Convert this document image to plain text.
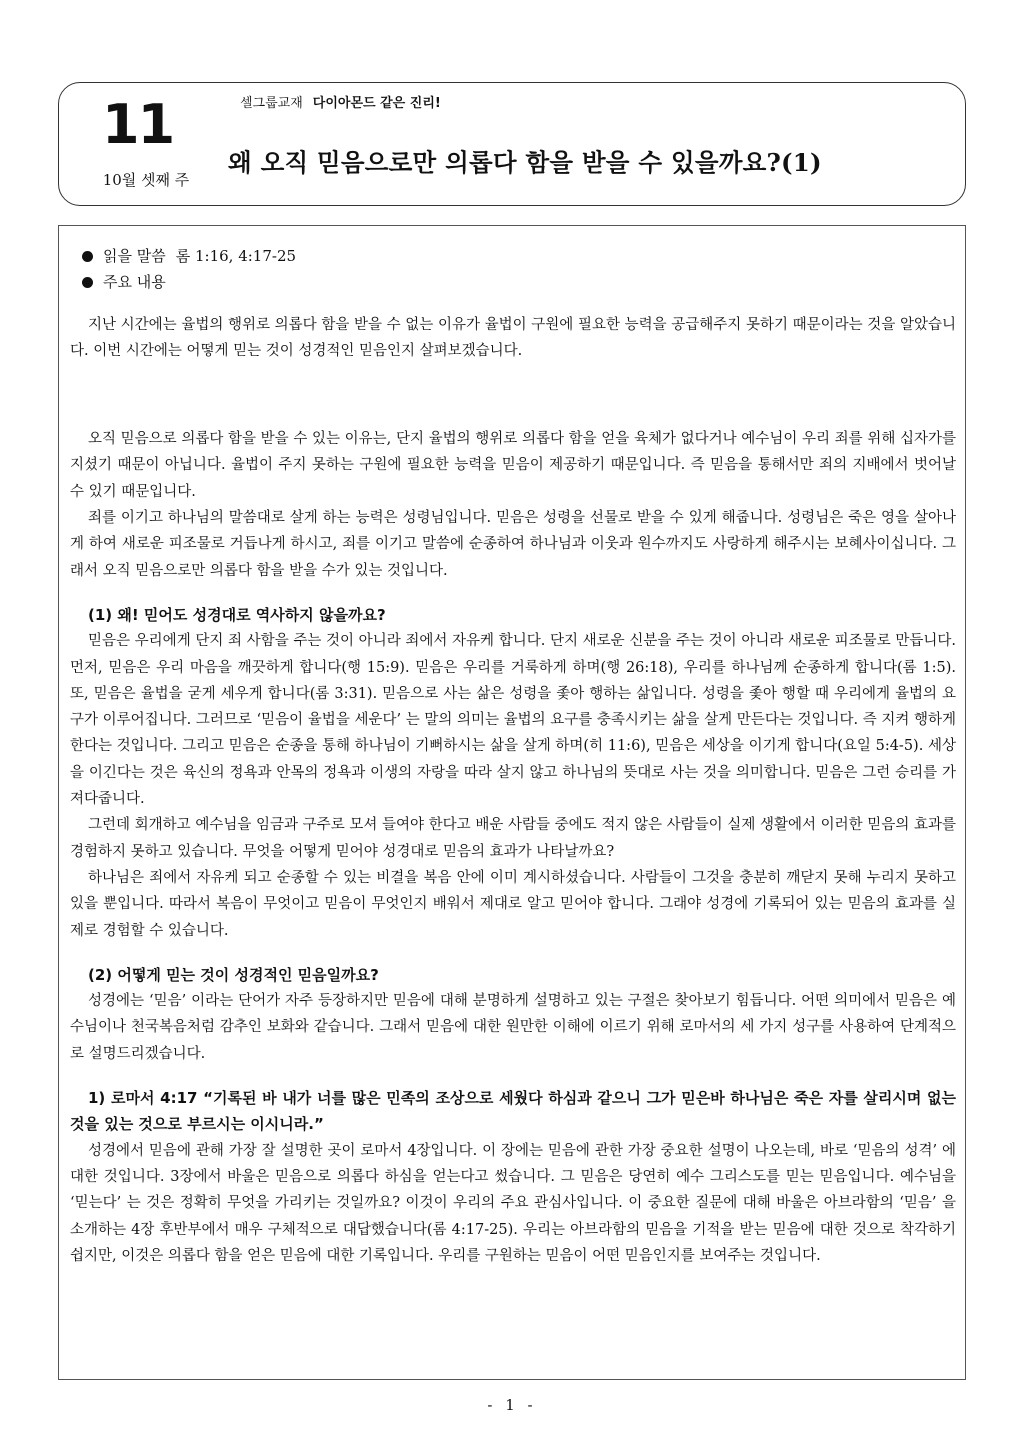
11
10월 셋째 주
셀그룹교재 다이아몬드 같은 진리!
왜 오직 믿음으로만 의롭다 함을 받을 수 있을까요?(1)
읽을 말씀 롬 1:16, 4:17-25
주요 내용

지난 시간에는 율법의 행위로 의롭다 함을 받을 수 없는 이유가 율법이 구원에 필요한 능력을 공급해주지 못하기 때문이라는 것을 알았습니다. 이번 시간에는 어떻게 믿는 것이 성경적인 믿음인지 살펴보겠습니다.

오직 믿음으로 의롭다 함을 받을 수 있는 이유는, 단지 율법의 행위로 의롭다 함을 얻을 육체가 없다거나 예수님이 우리 죄를 위해 십자가를 지셨기 때문이 아닙니다. 율법이 주지 못하는 구원에 필요한 능력을 믿음이 제공하기 때문입니다. 즉 믿음을 통해서만 죄의 지배에서 벗어날 수 있기 때문입니다.

죄를 이기고 하나님의 말씀대로 살게 하는 능력은 성령님입니다. 믿음은 성령을 선물로 받을 수 있게 해줍니다. 성령님은 죽은 영을 살아나게 하여 새로운 피조물로 거듭나게 하시고, 죄를 이기고 말씀에 순종하여 하나님과 이웃과 원수까지도 사랑하게 해주시는 보혜사이십니다. 그래서 오직 믿음으로만 의롭다 함을 받을 수가 있는 것입니다.

(1) 왜! 믿어도 성경대로 역사하지 않을까요?

믿음은 우리에게 단지 죄 사함을 주는 것이 아니라 죄에서 자유케 합니다. 단지 새로운 신분을 주는 것이 아니라 새로운 피조물로 만듭니다. 먼저, 믿음은 우리 마음을 깨끗하게 합니다(행 15:9). 믿음은 우리를 거룩하게 하며(행 26:18), 우리를 하나님께 순종하게 합니다(롬 1:5). 또, 믿음은 율법을 굳게 세우게 합니다(롬 3:31). 믿음으로 사는 삶은 성령을 좇아 행하는 삶입니다. 성령을 좇아 행할 때 우리에게 율법의 요구가 이루어집니다. 그러므로 ‘믿음이 율법을 세운다’ 는 말의 의미는 율법의 요구를 충족시키는 삶을 살게 만든다는 것입니다. 즉 지켜 행하게 한다는 것입니다. 그리고 믿음은 순종을 통해 하나님이 기뻐하시는 삶을 살게 하며(히 11:6), 믿음은 세상을 이기게 합니다(요일 5:4-5). 세상을 이긴다는 것은 육신의 정욕과 안목의 정욕과 이생의 자랑을 따라 살지 않고 하나님의 뜻대로 사는 것을 의미합니다. 믿음은 그런 승리를 가져다줍니다.

그런데 회개하고 예수님을 임금과 구주로 모셔 들여야 한다고 배운 사람들 중에도 적지 않은 사람들이 실제 생활에서 이러한 믿음의 효과를 경험하지 못하고 있습니다. 무엇을 어떻게 믿어야 성경대로 믿음의 효과가 나타날까요?

하나님은 죄에서 자유케 되고 순종할 수 있는 비결을 복음 안에 이미 계시하셨습니다. 사람들이 그것을 충분히 깨닫지 못해 누리지 못하고 있을 뿐입니다. 따라서 복음이 무엇이고 믿음이 무엇인지 배워서 제대로 알고 믿어야 합니다. 그래야 성경에 기록되어 있는 믿음의 효과를 실제로 경험할 수 있습니다.

(2) 어떻게 믿는 것이 성경적인 믿음일까요?

성경에는 ‘믿음’ 이라는 단어가 자주 등장하지만 믿음에 대해 분명하게 설명하고 있는 구절은 찾아보기 힘듭니다. 어떤 의미에서 믿음은 예수님이나 천국복음처럼 감추인 보화와 같습니다. 그래서 믿음에 대한 원만한 이해에 이르기 위해 로마서의 세 가지 성구를 사용하여 단계적으로 설명드리겠습니다.

1) 로마서 4:17 “기록된 바 내가 너를 많은 민족의 조상으로 세웠다 하심과 같으니 그가 믿은바 하나님은 죽은 자를 살리시며 없는 것을 있는 것으로 부르시는 이시니라.”

성경에서 믿음에 관해 가장 잘 설명한 곳이 로마서 4장입니다. 이 장에는 믿음에 관한 가장 중요한 설명이 나오는데, 바로 ‘믿음의 성격’ 에 대한 것입니다. 3장에서 바울은 믿음으로 의롭다 하심을 얻는다고 썼습니다. 그 믿음은 당연히 예수 그리스도를 믿는 믿음입니다. 예수님을 ‘믿는다’ 는 것은 정확히 무엇을 가리키는 것일까요? 이것이 우리의 주요 관심사입니다. 이 중요한 질문에 대해 바울은 아브라함의 ‘믿음’ 을 소개하는 4장 후반부에서 매우 구체적으로 대답했습니다(롬 4:17-25). 우리는 아브라함의 믿음을 기적을 받는 믿음에 대한 것으로 착각하기 쉽지만, 이것은 의롭다 함을 얻은 믿음에 대한 기록입니다. 우리를 구원하는 믿음이 어떤 믿음인지를 보여주는 것입니다.

- 1 -
